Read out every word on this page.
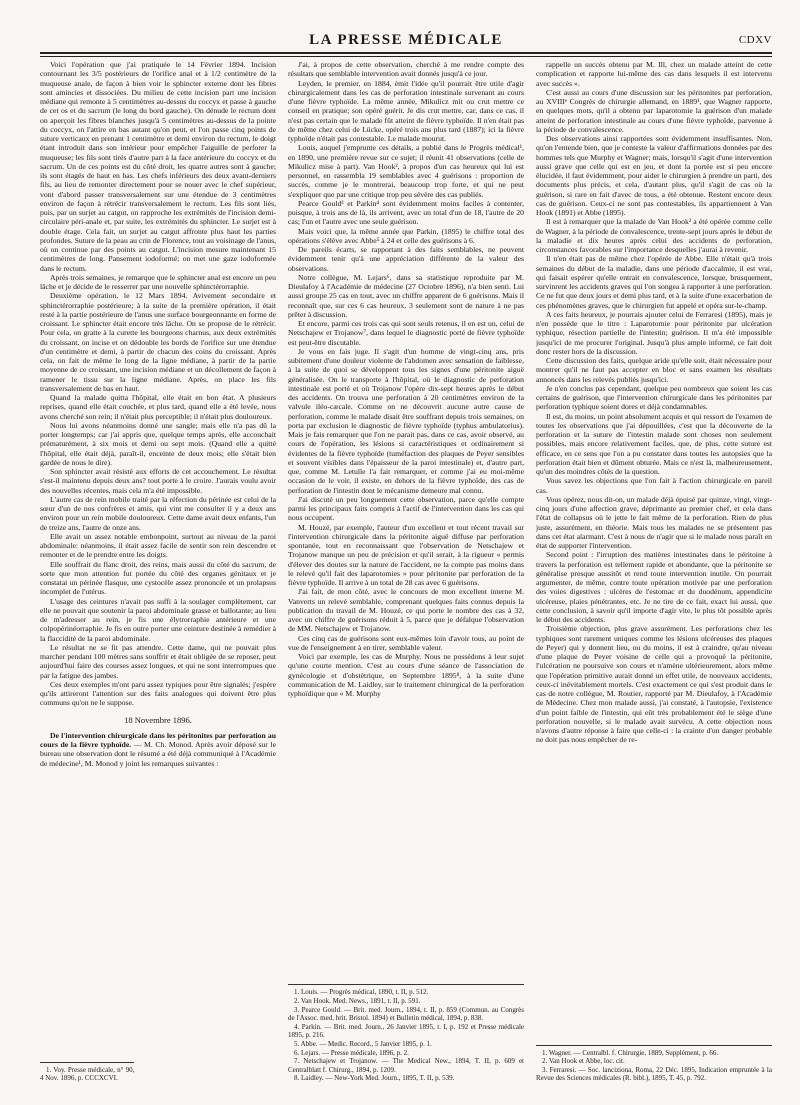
LA PRESSE MÉDICALE	CDXV

Voici l'opération que j'ai pratiquée le 14 Février 1894. Incision contournant les 3/5 postérieurs de l'orifice anal et à 1/2 centimètre de la muqueuse anale, de façon à bien voir le sphincter externe dont les fibres sont amincies et dissociées. Du milieu de cette incision part une incision médiane qui remonte à 5 centimètres au-dessus du coccyx et passe à gauche de cet os et du sacrum (le long du bord gauche). On dénude le rectum dont on aperçoit les fibres blanches jusqu'à 5 centimètres au-dessus de la pointe du coccyx, on l'attire en bas autant qu'on peut, et l'on passe cinq points de suture verticaux en prenant 1 centimètre et demi environ du rectum, le doigt étant introduit dans son intérieur pour empêcher l'aiguille de perforer la muqueuse; les fils sont tirés d'autre part à la face antérieure du coccyx et du sacrum. Un de ces points est du côté droit, les quatre autres sont à gauche; ils sont étagés de haut en bas. Les chefs inférieurs des deux avant-derniers fils, au lieu de remonter directement pour se nouer avec le chef supérieur, vont d'abord passer transversalement sur une étendue de 3 centimètres environ de façon à rétrécir transversalement le rectum. Les fils sont liés, puis, par un surjet au catgut, on rapproche les extrémités de l'incision demi-circulaire péri-anale et, par suite, les extrémités du sphincter. Le surjet est à double étage. Cela fait, un surjet au catgut affronte plus haut les parties profondes. Suture de la peau au crin de Florence, tout au voisinage de l'anus, où on continue par des points au catgut. L'incision mesure maintenant 15 centimètres de long. Pansement iodoformé; on met une gaze iodoformée dans le rectum.

Après trois semaines, je remarque que le sphincter anal est encore un peu lâche et je décide de le resserrer par une nouvelle sphinctérorraphie.

Deuxième opération, le 12 Mars 1894. Avivement secondaire et sphinctérorraphie postérieure; à la suite de la première opération, il était resté à la partie postérieure de l'anus une surface bourgeonnante en forme de croissant. Le sphincter était encore très lâche. On se propose de le rétrécir. Pour cela, on gratte à la curette les bourgeons charnus, aux deux extrémités du croissant, on incise et on dédouble les bords de l'orifice sur une étendue d'un centimètre et demi, à partir de chacun des coins du croissant. Après cela, on fait de même le long de la ligne médiane, à partir de la partie moyenne de ce croissant, une incision médiane et un décollement de façon à ramener le tissu sur la ligne médiane. Après, on place les fils transversalement de bas en haut.

Quand la malade quitta l'hôpital, elle était en bon état. A plusieurs reprises, quand elle était couchée, et plus tard, quand elle a été levée, nous avons cherché son rein; il n'était plus perceptible; il n'était plus douloureux.

Nous lui avons néanmoins donné une sangle; mais elle n'a pas dû la porter longtemps; car j'ai appris que, quelque temps après, elle accouchait prématurément, à six mois et demi ou sept mois. (Quand elle a quitté l'hôpital, elle était déjà, paraît-il, enceinte de deux mois; elle s'était bien gardée de nous le dire).

Son sphincter avait résisté aux efforts de cet accouchement. Le résultat s'est-il maintenu depuis deux ans? tout porte à le croire. J'aurais voulu avoir des nouvelles récentes, mais cela m'a été impossible.

L'autre cas de rein mobile traité par la réfection du périnée est celui de la sœur d'un de nos confrères et amis, qui vint me consulter il y a deux ans environ pour un rein mobile douloureux. Cette dame avait deux enfants, l'un de treize ans, l'autre de onze ans.

Elle avait un assez notable embonpoint, surtout au niveau de la paroi abdominale: néanmoins, il était assez facile de sentir son rein descendre et remonter et de le prendre entre les doigts.

Elle souffrait du flanc droit, des reins, mais aussi du côté du sacrum, de sorte que mon attention fut portée du côté des organes génitaux et je constatai un périnée flasque, une cystocèle assez prononcée et un prolapsus incomplet de l'utérus.

L'usage des ceintures n'avait pas suffi à la soulager complètement, car elle ne pouvait que soutenir la paroi abdominale grasse et ballotante; au lieu de m'adresser au rein, je fis une élytrorraphie antérieure et une colpopérinéorraphie. Je fis en outre porter une ceinture destinée à remédier à la flaccidité de la paroi abdominale.

Le résultat ne se fit pas attendre. Cette dame, qui ne pouvait plus marcher pendant 100 mètres sans souffrir et était obligée de se reposer, peut aujourd'hui faire des courses assez longues, et qui ne sont interrompues que par la fatigue des jambes.

Ces deux exemples m'ont paru assez typiques pour être signalés; j'espère qu'ils attireront l'attention sur des faits analogues qui doivent être plus communs qu'on ne le suppose.

18 Novembre 1896.

De l'intervention chirurgicale dans les péritonites par perforation au cours de la fièvre typhoïde. — M. Ch. Monod. Après avoir déposé sur le bureau une observation dont le résumé a été déjà communiqué à l'Académie de médecine¹, M. Monod y joint les remarques suivantes :

1. Voy. Presse médicale, n° 90, 4 Nov. 1896, p. CCCXCVI.

J'ai, à propos de cette observation, cherché à me rendre compte des résultats que semblable intervention avait donnés jusqu'à ce jour.

Leyden, le premier, en 1884, émit l'idée qu'il pourrait être utile d'agir chirurgicalement dans les cas de perforation intestinale survenant au cours d'une fièvre typhoïde. La même année, Mikulicz mit ou crut mettre ce conseil en pratique; son opéré guérit. Je dis crut mettre, car, dans ce cas, il n'est pas certain que le malade fût atteint de fièvre typhoïde. Il n'en était pas de même chez celui de Lücke, opéré trois ans plus tard (1887); ici la fièvre typhoïde n'était pas contestable. Le malade mourut.

Louis, auquel j'emprunte ces détails, a publié dans le Progrès médical¹, en 1890, une première revue sur ce sujet; il réunit 41 observations (celle de Mikulicz mise à part). Van Hook², à propos d'un cas heureux qui lui est personnel, en rassembla 19 semblables avec 4 guérisons : proportion de succès, comme je le montrerai, beaucoup trop forte, et qui ne peut s'expliquer que par une critique trop peu sévère des cas publiés.

Pearce Gould³ et Parkin⁴ sont évidemment moins faciles à contenter, puisque, à trois ans de là, ils arrivent, avec un total d'un de 18, l'autre de 20 cas; l'un et l'autre avec une seule guérison.

Mais voici que, la même année que Parkin, (1895) le chiffre total des opérations s'élève avec Abbe⁵ à 24 et celle des guérisons à 6.

De pareils écarts, se rapportant à des faits semblables, ne peuvent évidemment tenir qu'à une appréciation différente de la valeur des observations.

Notre collègue, M. Lejars⁶, dans sa statistique reproduite par M. Dieulafoy à l'Académie de médecine (27 Octobre 1896), n'a bien senti. Lui aussi groupe 25 cas en tout, avec un chiffre apparent de 6 guérisons. Mais il reconnaît que, sur ces 6 cas heureux, 3 seulement sont de nature à ne pas prêter à discussion.

Et encore, parmi ces trois cas qui sont seuls retenus, il en est un, celui de Netschajew et Trojanow⁷, dans lequel le diagnostic porté de fièvre typhoïde est peut-être discutable.

Je vous en fais juge. Il s'agit d'un homme de vingt-cinq ans, pris subitement d'une douleur violente de l'abdomen avec sensation de faiblesse, à la suite de quoi se développent tous les signes d'une péritonite aiguë généralisée. On le transporte à l'hôpital, où le diagnostic de perforation intestinale est porté et où Trojanow l'opère dix-sept heures après le début des accidents. On trouva une perforation à 20 centimètres environ de la valvule iléo-cæcale. Comme on ne découvrit aucune autre cause de perforation, comme le malade disait être souffrant depuis trois semaines, on porta par exclusion le diagnostic de fièvre typhoïde (typhus ambulatorius). Mais je fais remarquer que l'on ne parait pas, dans ce cas, avoir observé, au cours de l'opération, les lésions si caractéristiques et ordinairement si évidentes de la fièvre typhoïde (tuméfaction des plaques de Peyer sensibles et souvent visibles dans l'épaisseur de la paroi intestinale) et, d'autre part, que, comme M. Letulle l'a fait remarquer, et comme j'ai eu moi-même occasion de le voir, il existe, en dehors de la fièvre typhoïde, des cas de perforation de l'intestin dont le mécanisme demeure mal connu.

J'ai discuté un peu longuement cette observation, parce qu'elle compte parmi les principaux faits compris à l'actif de l'intervention dans les cas qui nous occupent.

M. Houzé, par exemple, l'auteur d'un excellent et tout récent travail sur l'intervention chirurgicale dans la péritonite aiguë diffuse par perforation spontanée, tout en reconnaissant que l'observation de Netschajew et Trojanow manque un peu de précision et qu'il serait, à la rigueur « permis d'élever des doutes sur la nature de l'accident, ne la compte pas moins dans le relevé qu'il fait des laparotomies » pour péritonite par perforation de la fièvre typhoïde. Il arrive à un total de 28 cas avec 6 guérisons.

J'ai fait, de mon côté, avec le concours de mon excellent interne M. Vanverts un relevé semblable, comprenant quelques faits connus depuis la publication du travail de M. Houzé, ce qui porte le nombre des cas à 32, avec un chiffre de guérisons réduit à 5, parce que je défalque l'observation de MM. Netschajew et Trojanow.

Ces cinq cas de guérisons sont eux-mêmes loin d'avoir tous, au point de vue de l'enseignement à en tirer, semblable valeur.

Voici par exemple, les cas de Murphy. Nous ne possédons à leur sujet qu'une courte mention. C'est au cours d'une séance de l'association de gynécologie et d'obstétrique, en Septembre 1895⁸, à la suite d'une communication de M. Laidley, sur le traitement chirurgical de la perforation typhoïdique que « M. Murphy

1. Louis. — Progrès médical, 1890, t. II, p. 512.

2. Van Hook. Med. News., 1891, t. II, p. 591.

3. Pearce Gould. — Brit. med. Journ., 1894, t. II, p. 859 (Commun. au Congrès de l'Assoc. med. brit. Bristol. 1894) et Bulletin médical, 1894, p. 838.

4. Parkin. — Brit. med. Journ., 26 Janvier 1895, t. I, p. 192 et Presse médicale 1895, p. 216.

5. Abbe. — Medic. Record., 5 Janvier 1895, p. 1.

6. Lejars. — Presse médicale, 1896, p. 2.

7. Netschajew et Trojanow. — The Medical New., 1894, T. II, p. 609 et Centralblatt f. Chirurg., 1894, p. 1209.

8. Laidley. — New-York Med. Journ., 1895, T. II, p. 539.

rappelle un succès obtenu par M. Ill, chez un malade atteint de cette complication et rapporte lui-même des cas dans lesquels il est intervenu avec succès ».

C'est aussi au cours d'une discussion sur les péritonites par perforation, au XVIIIᵉ Congrès de chirurgie allemand, en 1889¹, que Wagner rapporte, en quelques mots, qu'il a obtenu par laparotomie la guérison d'un malade atteint de perforation intestinale au cours d'une fièvre typhoïde, parvenue à la période de convalescence.

Des observations ainsi rapportées sont évidemment insuffisantes. Non, qu'on l'entende bien, que je conteste la valeur d'affirmations données par des hommes tels que Murphy et Wagner; mais, lorsqu'il s'agit d'une intervention aussi grave que celle qui est en jeu, et dont la portée est si peu encore élucidée, il faut évidemment, pour aider le chirurgien à prendre un parti, des documents plus précis, et cela, d'autant plus, qu'il s'agit de cas où la guérison, si rare en fait d'avec de tous, a été obtenue. Restent encore deux cas de guérison. Ceux-ci ne sont pas contestables, ils appartiennent à Van Hook (1891) et Abbe (1895).

Il est à remarquer que la malade de Van Hook² a été opérée comme celle de Wagner, à la période de convalescence, trente-sept jours après le début de la maladie et dix heures après celui des accidents de perforation, circonstances favorables sur l'importance desquelles j'aurai à revenir.

Il n'en était pas de même chez l'opérée de Abbe. Elle n'était qu'à trois semaines du début de la maladie, dans une période d'accalmie, il est vrai, qui faisait espérer qu'elle entrait en convalescence, lorsque, brusquement, survinrent les accidents graves qui l'on songea à rapporter à une perforation. Ce ne fut que deux jours et demi plus tard, et à la suite d'une exacerbation de ces phénomènes graves, que le chirurgien fut appelé et opéra sur-le-champ.

A ces faits heureux, je pourrais ajouter celui de Ferraresi (1895), mais je n'en possède que le titre : Laparotomie pour péritonite par ulcération typhique, résection partielle de l'intestin; guérison. Il m'a été impossible jusqu'ici de me procurer l'original. Jusqu'à plus ample informé, ce fait doit donc rester hors de la discussion.

Cette discussion des faits, quelque aride qu'elle soit, était nécessaire pour montrer qu'il ne faut pas accepter en bloc et sans examen les résultats annoncés dans les relevés publiés jusqu'ici.

Je n'en conclus pas cependant, quelque peu nombreux que soient les cas certains de guérison, que l'intervention chirurgicale dans les péritonites par perforation typhique soient dores et déjà condamnables.

Il est, du moins, un point absolument acquis et qui ressort de l'examen de toutes les observations que j'ai dépouillées, c'est que la découverte de la perforation et la suture de l'intestin malade sont choses non seulement possibles, mais encore relativement faciles, que, de plus, cette suture est efficace, en ce sens que l'on a pu constater dans toutes les autopsies que la perforation était bien et dûment obturée. Mais ce n'est là, malheureusement, qu'un des moindres côtés de la question.

Vous savez les objections que l'on fait à l'action chirurgicale en pareil cas.

Vous opérez, nous dit-on, un malade déjà épuisé par quinze, vingt, vingt-cinq jours d'une affection grave, déprimante au premier chef, et cela dans l'état de collapsus où le jette le fait même de la perforation. Rien de plus juste, assurément, en théorie. Mais tous les malades ne se présentent pas dans cet état alarmant. C'est à nous de n'agir que si le malade nous paraît en état de supporter l'intervention.

Second point : l'irruption des matières intestinales dans le péritoine à travers la perforation est tellement rapide et abondante, que la péritonite se généralise presque aussitôt et rend toute intervention inutile. On pourrait argumenter, de même, contre toute opération motivée par une perforation des voies digestives : ulcères de l'estomac et du duodénum, appendicite ulcéreuse, plaies pénétrantes, etc. Je ne tire de ce fait, exact lui aussi, que cette conclusion, à savoir qu'il importe d'agir vite, le plus tôt possible après le début des accidents.

Troisième objection, plus grave assurément. Les perforations chez les typhiques sont rarement uniques comme les lésions ulcéreuses des plaques de Peyer) qui y donnent lieu, ou du moins, il est à craindre, qu'au niveau d'une plaque de Peyer voisine de celle qui a provoqué la péritonite, l'ulcération ne poursuive son cours et n'amène ultérieurement, alors même que l'opération primitive aurait donné un effet utile, de nouveaux accidents, ceux-ci inévitablement mortels. C'est exactement ce qui s'est produit dans le cas de notre collègue, M. Routier, rapporté par M. Dieulafoy, à l'Académie de Médecine. Chez mon malade aussi, j'ai constaté, à l'autopsie, l'existence d'un point faible de l'intestin, qui eût très probablement été le siège d'une perforation nouvelle, si le malade avait survécu. A cette objection nous n'avons d'autre réponse à faire que celle-ci : la crainte d'un danger probable ne doit pas nous empêcher de re-

1. Wagner. — Centralbl. f. Chirurgie, 1889, Supplément, p. 66.

2. Van Hook et Abbe, loc. cit.

3. Ferraresi. — Soc. lanciziona, Roma, 22 Déc. 1895, Indication empruntée à la Revue des Sciences médicales (R. bibl.), 1895, T. 45, p. 792.
